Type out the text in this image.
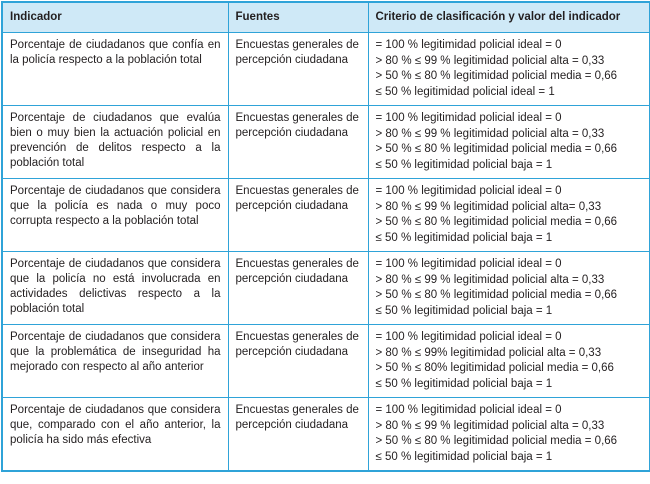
Indicador	Fuentes	Criterio de clasificación y valor del indicador
Porcentaje de ciudadanos que confía en la policía respecto a la población total	Encuestas generales de percepción ciudadana	= 100 % legitimidad policial ideal = 0
> 80 % ≤ 99 % legitimidad policial alta = 0,33
> 50 % ≤ 80 % legitimidad policial media = 0,66
≤ 50 % legitimidad policial ideal = 1

Porcentaje de ciudadanos que evalúa bien o muy bien la actuación policial en prevención de delitos respecto a la población total	Encuestas generales de percepción ciudadana	= 100 % legitimidad policial ideal = 0
> 80 % ≤ 99 % legitimidad policial alta = 0,33
> 50 % ≤ 80 % legitimidad policial media = 0,66
≤ 50 % legitimidad policial baja = 1

Porcentaje de ciudadanos que considera que la policía es nada o muy poco corrupta respecto a la población total	Encuestas generales de percepción ciudadana	= 100 % legitimidad policial ideal = 0
> 80 % ≤ 99 % legitimidad policial alta= 0,33
> 50 % ≤ 80 % legitimidad policial media = 0,66
≤ 50 % legitimidad policial baja = 1

Porcentaje de ciudadanos que considera que la policía no está involucrada en actividades delictivas respecto a la población total	Encuestas generales de percepción ciudadana	= 100 % legitimidad policial ideal = 0
> 80 % ≤ 99 % legitimidad policial alta = 0,33
> 50 % ≤ 80 % legitimidad policial media = 0,66
≤ 50 % legitimidad policial baja = 1

Porcentaje de ciudadanos que considera que la problemática de inseguridad ha mejorado con respecto al año anterior	Encuestas generales de percepción ciudadana	= 100 % legitimidad policial ideal = 0
> 80 % ≤ 99% legitimidad policial alta = 0,33
> 50 % ≤ 80% legitimidad policial media = 0,66
≤ 50 % legitimidad policial baja = 1

Porcentaje de ciudadanos que considera que, comparado con el año anterior, la policía ha sido más efectiva	Encuestas generales de percepción ciudadana	= 100 % legitimidad policial ideal = 0
> 80 % ≤ 99 % legitimidad policial alta = 0,33
> 50 % ≤ 80 % legitimidad policial media = 0,66
≤ 50 % legitimidad policial baja = 1
